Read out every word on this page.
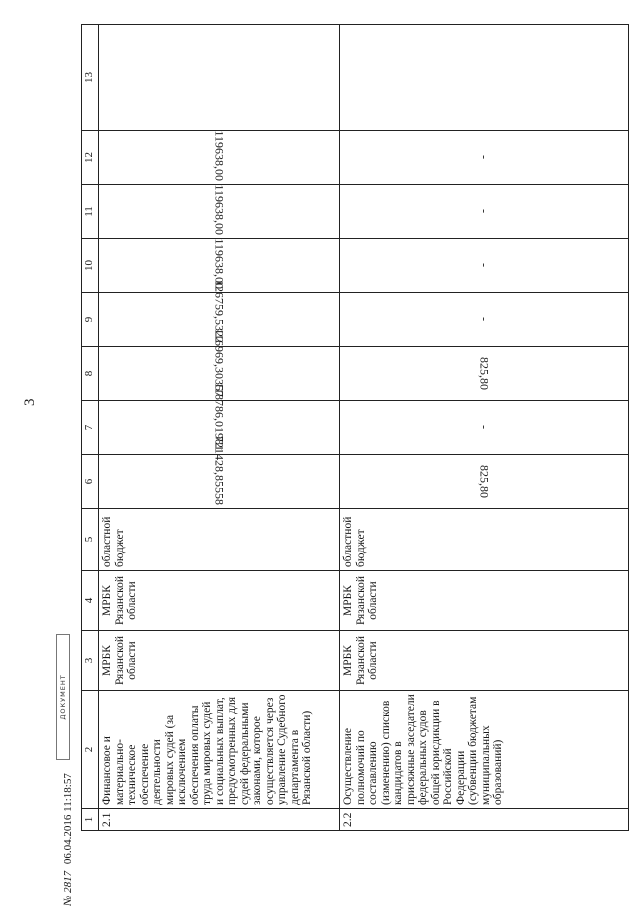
3
1	2	3	4	5	6	7	8	9	10	11	12	13
2.1	Финансовое и материально-техническое обеспечение деятельности мировых судей (за исключением обеспечения оплаты труда мировых судей и социальных выплат, предусмотренных для судей федеральными законами, которое осуществляется через управление Судебного департамента в Рязанской области)	МРБК Рязанской области	МРБК Рязанской области	областной бюджет	721428,85558	118786,01981	116969,30357	126759,5322	119638,00	119638,00	119638,00	
2.2	Осуществление полномочий по составлению (изменению) списков кандидатов в присяжные заседатели федеральных судов общей юрисдикции в Российской Федерации (субвенции бюджетам муниципальных образований)	МРБК Рязанской области	МРБК Рязанской области	областной бюджет	825,80	-	825,80	-	-	-	-	
ДОКУМЕНТ
№ 2817 06.04.2016 11:18:57
